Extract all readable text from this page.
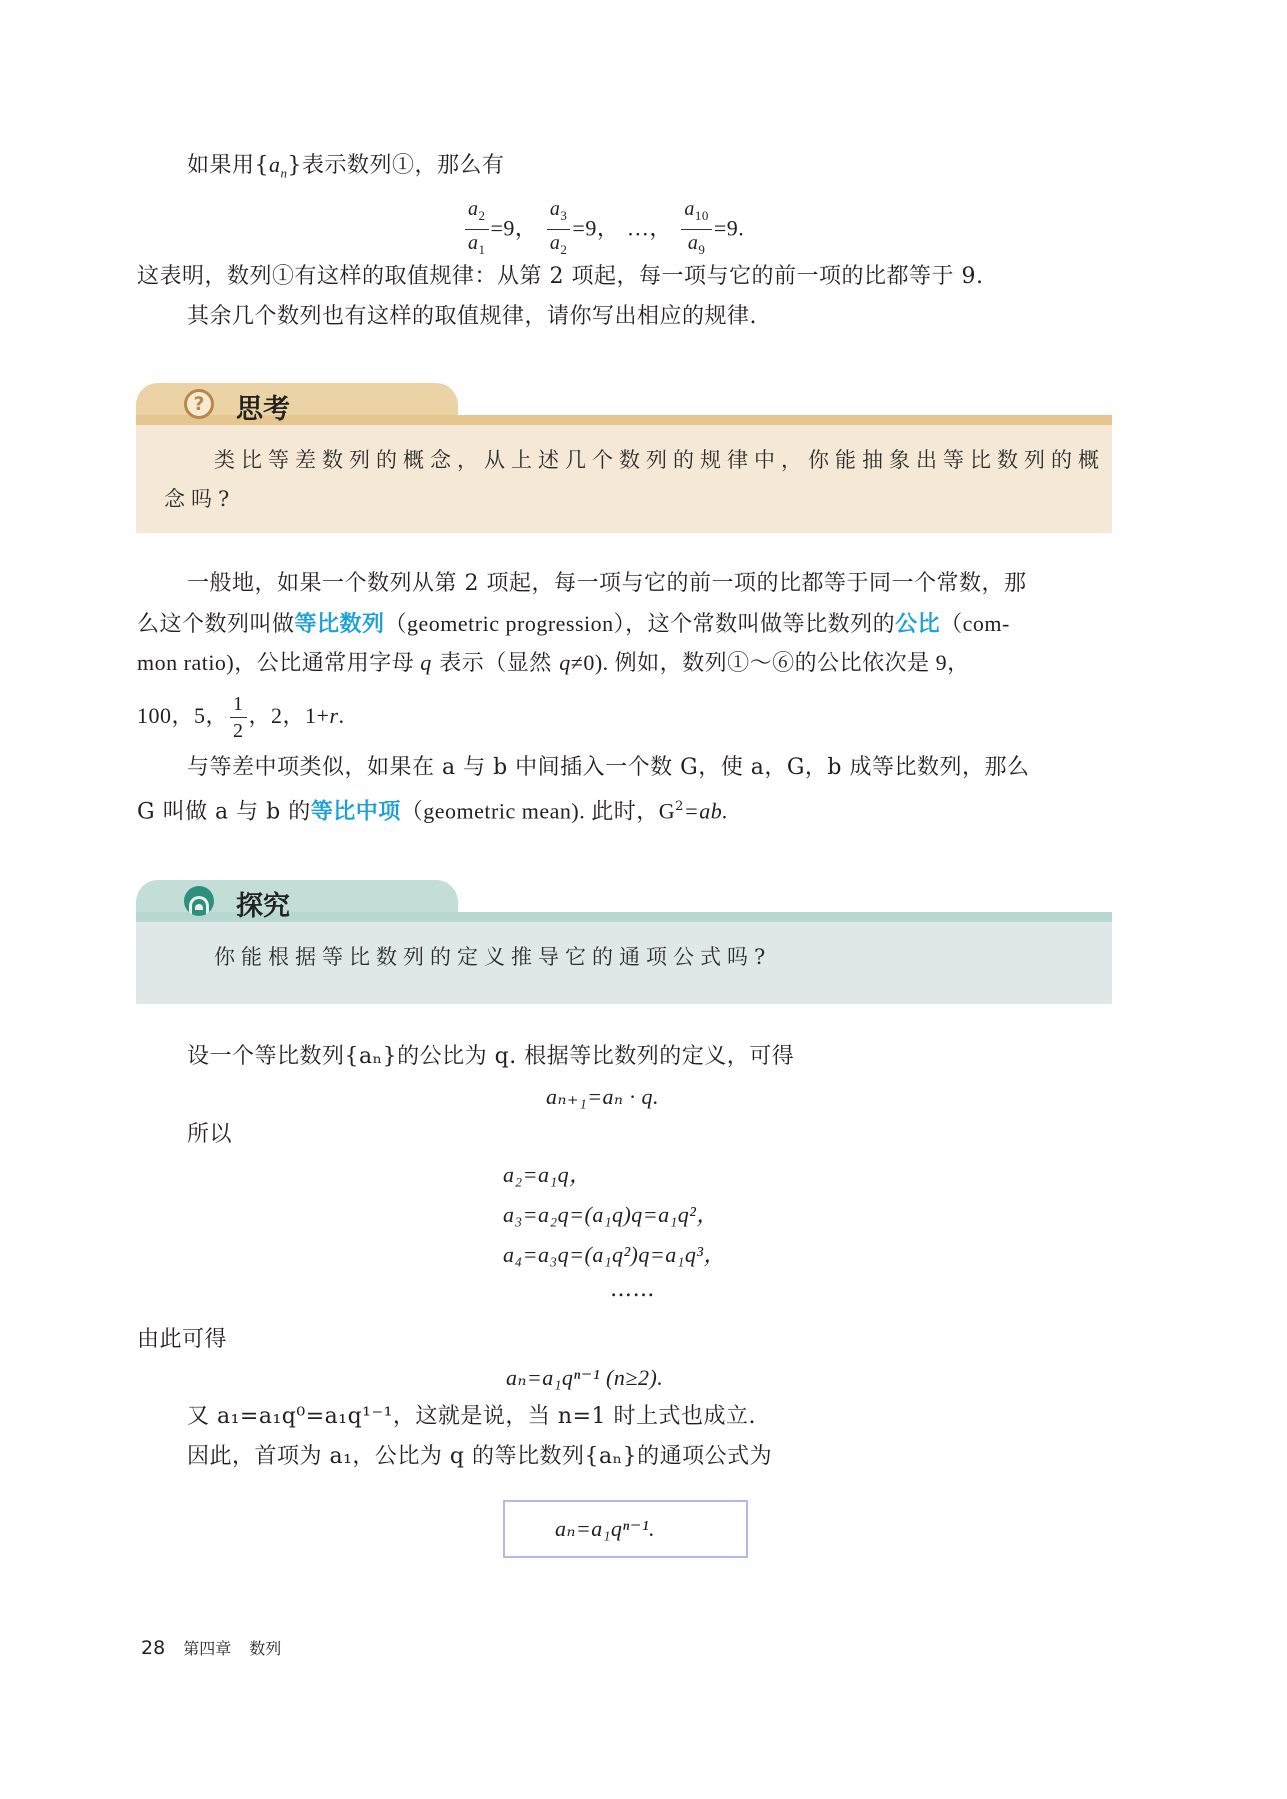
如果用$\{a_n\}$表示数列①，那么有
$\frac{a_2}{a_1} =9$， $\frac{a_3}{a_2} =9$， …， $\frac{a_{10}}{a_9} =9$.
这表明，数列①有这样的取值规律：从第 2 项起，每一项与它的前一项的比都等于 9.
其余几个数列也有这样的取值规律，请你写出相应的规律.
?	思考
类比等差数列的概念，从上述几个数列的规律中，你能抽象出等比数列的概
念吗?
一般地，如果一个数列从第 2 项起，每一项与它的前一项的比都等于同一个常数，那
么这个数列叫做等比数列（geometric progression），这个常数叫做等比数列的公比（com-
mon ratio)，公比通常用字母 q 表示（显然 q≠0). 例如，数列①～⑥的公比依次是 9，
100，5， $\frac{1}{2}$ ，2，1+r.
与等差中项类似，如果在 a 与 b 中间插入一个数 G，使 a，G，b 成等比数列，那么
G 叫做 a 与 b 的等比中项（geometric mean). 此时，$G^2=ab$.
探究
你能根据等比数列的定义推导它的通项公式吗?
设一个等比数列{aₙ}的公比为 q. 根据等比数列的定义，可得
aₙ₊₁=aₙ · q.
所以
a₂=a₁q，
a₃=a₂q=(a₁q)q=a₁q²，
a₄=a₃q=(a₁q²)q=a₁q³，
……
由此可得
aₙ=a₁qⁿ⁻¹ (n≥2).
又 a₁=a₁q⁰=a₁q¹⁻¹，这就是说，当 n=1 时上式也成立.
因此，首项为 a₁，公比为 q 的等比数列{aₙ}的通项公式为
aₙ=a₁qⁿ⁻¹.
28 第四章 数列
